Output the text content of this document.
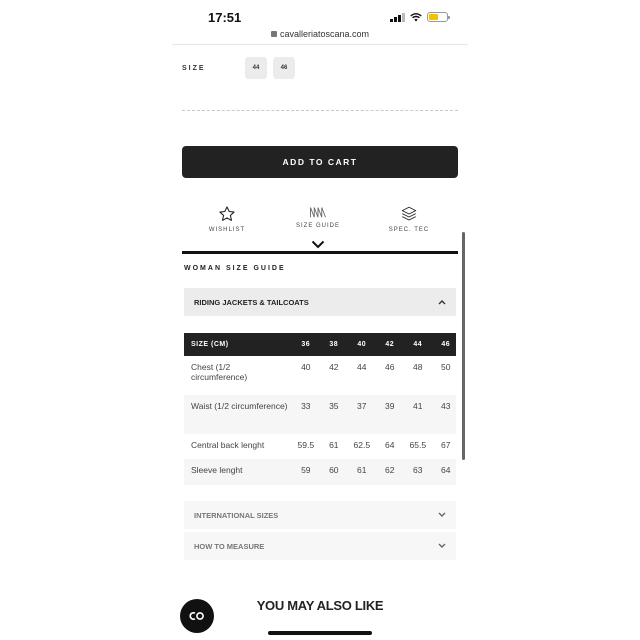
17:51
cavalleriatoscana.com
SIZE	44	46
ADD TO CART
WISHLIST
SIZE GUIDE
SPEC. TEC
WOMAN SIZE GUIDE
RIDING JACKETS & TAILCOATS
SIZE (CM)	36	38	40	42	44	46
Chest (1/2 circumference)	40	42	44	46	48	50
Waist (1/2 circumference)	33	35	37	39	41	43
Central back lenght	59.5	61	62.5	64	65.5	67
Sleeve lenght	59	60	61	62	63	64
INTERNATIONAL SIZES
HOW TO MEASURE
YOU MAY ALSO LIKE
